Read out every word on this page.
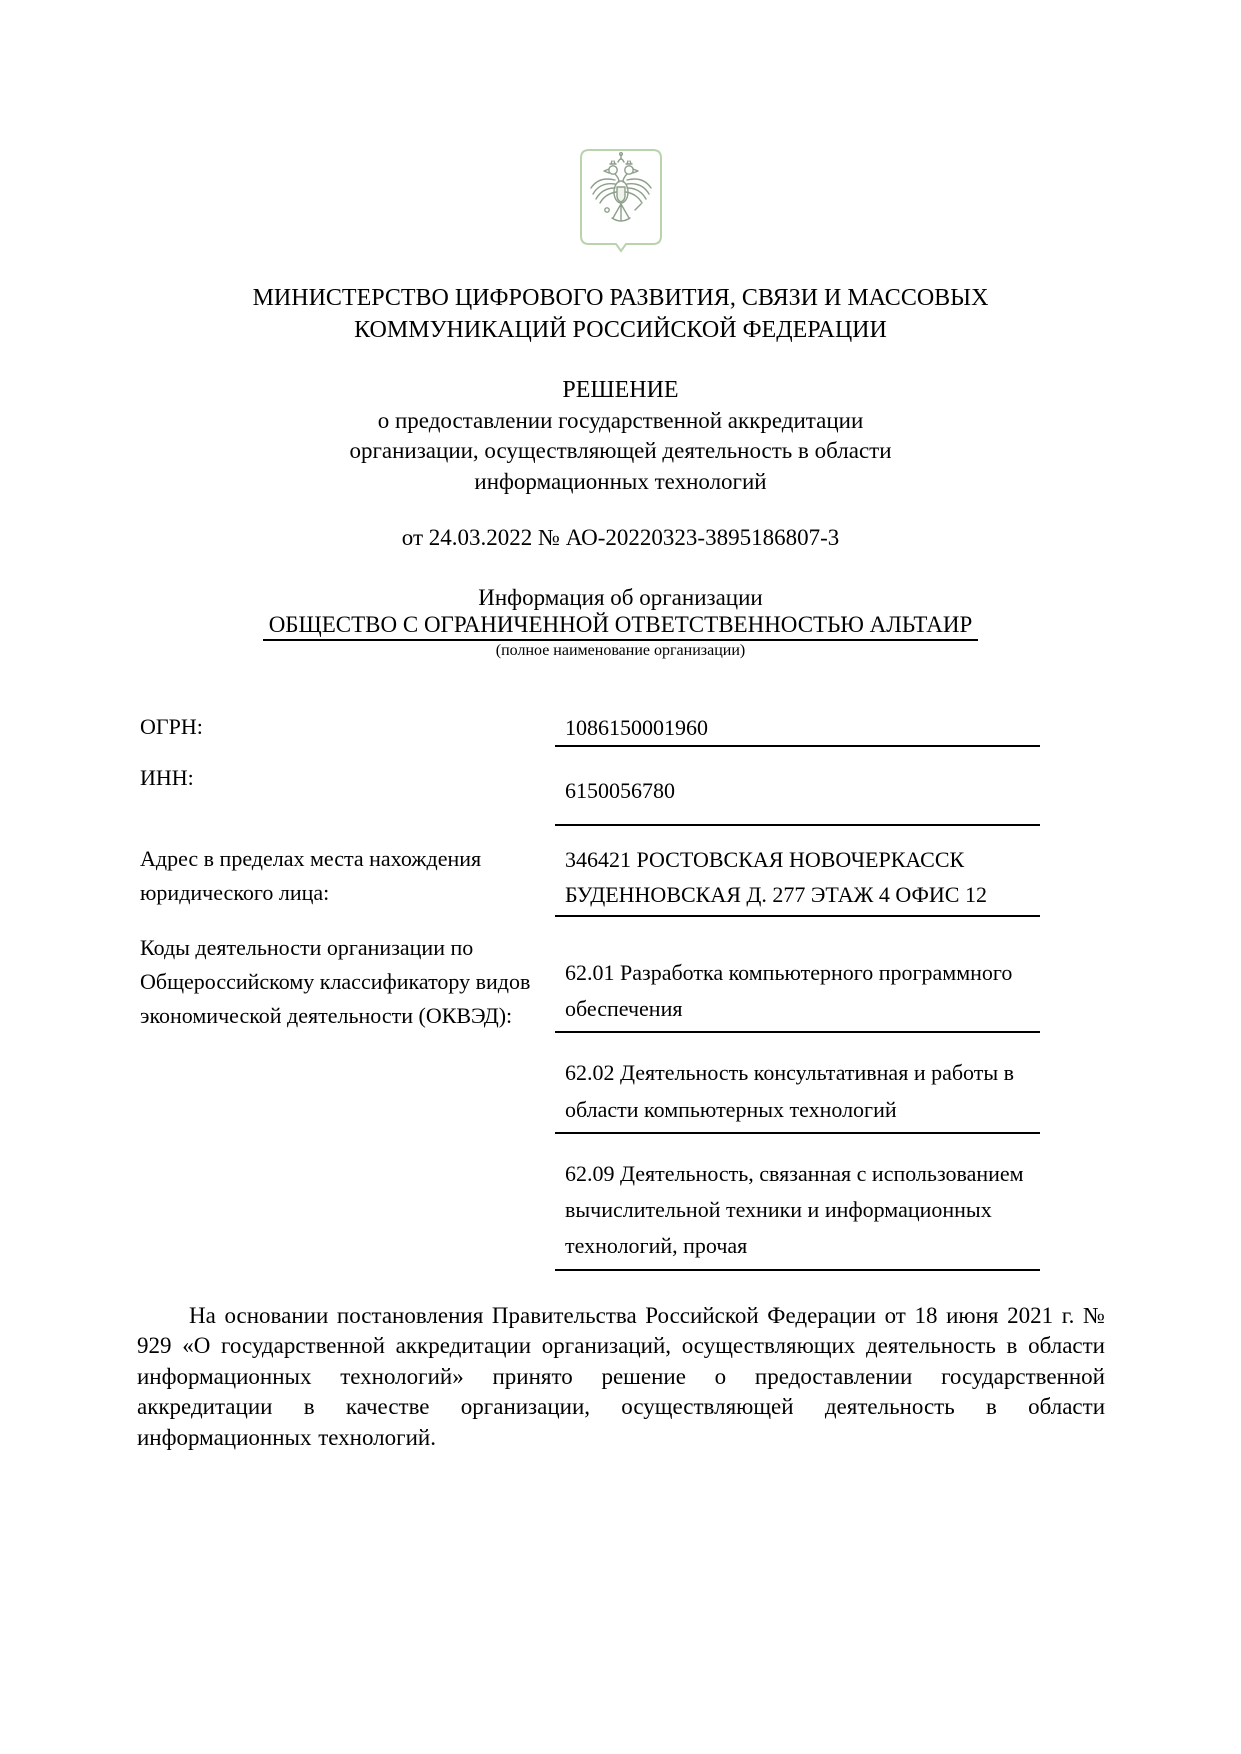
МИНИСТЕРСТВО ЦИФРОВОГО РАЗВИТИЯ, СВЯЗИ И МАССОВЫХ КОММУНИКАЦИЙ РОССИЙСКОЙ ФЕДЕРАЦИИ
РЕШЕНИЕ
о предоставлении государственной аккредитации организации, осуществляющей деятельность в области информационных технологий
от 24.03.2022 № АО-20220323-3895186807-3
Информация об организации
ОБЩЕСТВО С ОГРАНИЧЕННОЙ ОТВЕТСТВЕННОСТЬЮ АЛЬТАИР
(полное наименование организации)
ОГРН:	1086150001960
ИНН:
6150056780
Адрес в пределах места нахождения юридического лица:
346421 РОСТОВСКАЯ НОВОЧЕРКАССК БУДЕННОВСКАЯ Д. 277 ЭТАЖ 4 ОФИС 12
Коды деятельности организации по Общероссийскому классификатору видов экономической деятельности (ОКВЭД):
62.01 Разработка компьютерного программного обеспечения
62.02 Деятельность консультативная и работы в области компьютерных технологий
62.09 Деятельность, связанная с использованием вычислительной техники и информационных технологий, прочая

На основании постановления Правительства Российской Федерации от 18 июня 2021 г. № 929 «О государственной аккредитации организаций, осуществляющих деятельность в области информационных технологий» принято решение о предоставлении государственной аккредитации в качестве организации, осуществляющей деятельность в области информационных технологий.
